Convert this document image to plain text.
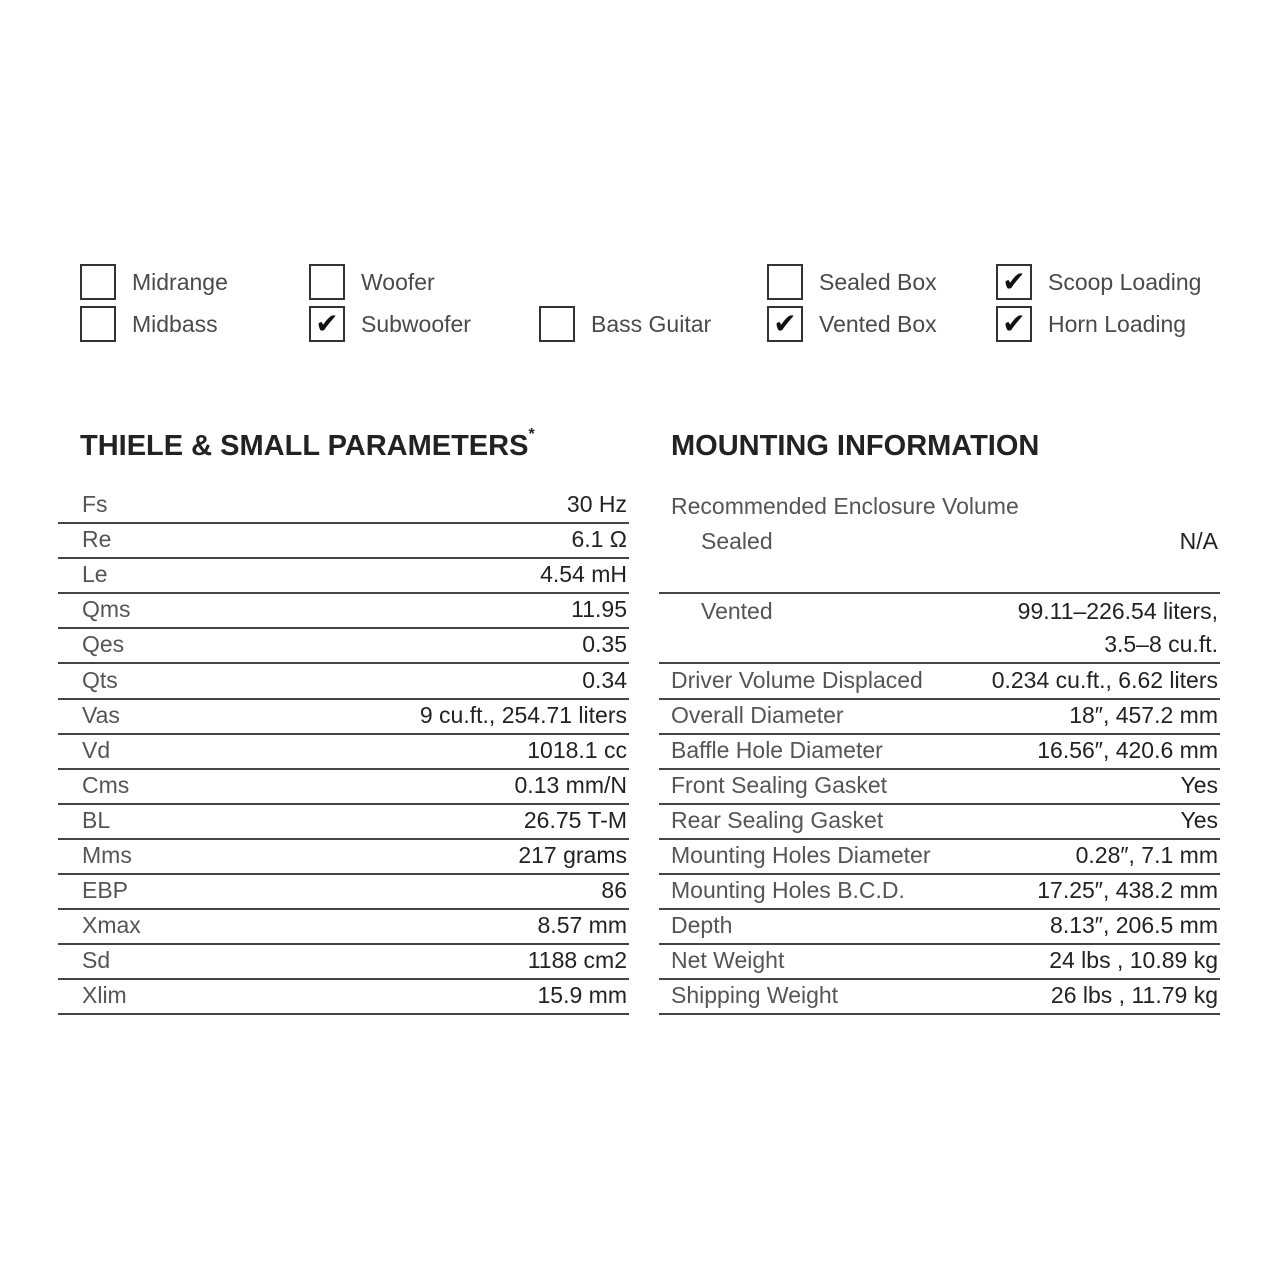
Midrange	Woofer	Sealed Box ✔ Scoop Loading
Midbass	✔ Subwoofer	Bass Guitar ✔ Vented Box ✔ Horn Loading
THIELE & SMALL PARAMETERS*	MOUNTING INFORMATION
Fs	30 Hz
Re	6.1 Ω
Le	4.54 mH
Qms	11.95
Qes	0.35
Qts	0.34
Vas	9 cu.ft., 254.71 liters
Vd	1018.1 cc
Cms	0.13 mm/N
BL	26.75 T-M
Mms	217 grams
EBP	86
Xmax	8.57 mm
Sd	1188 cm2
Xlim	15.9 mm
Recommended Enclosure Volume
Sealed	N/A
Vented	99.11–226.54 liters,
3.5–8 cu.ft.
Driver Volume Displaced	0.234 cu.ft., 6.62 liters
Overall Diameter	18″, 457.2 mm
Baffle Hole Diameter	16.56″, 420.6 mm
Front Sealing Gasket	Yes
Rear Sealing Gasket	Yes
Mounting Holes Diameter	0.28″, 7.1 mm
Mounting Holes B.C.D.	17.25″, 438.2 mm
Depth	8.13″, 206.5 mm
Net Weight	24 lbs , 10.89 kg
Shipping Weight	26 lbs , 11.79 kg
